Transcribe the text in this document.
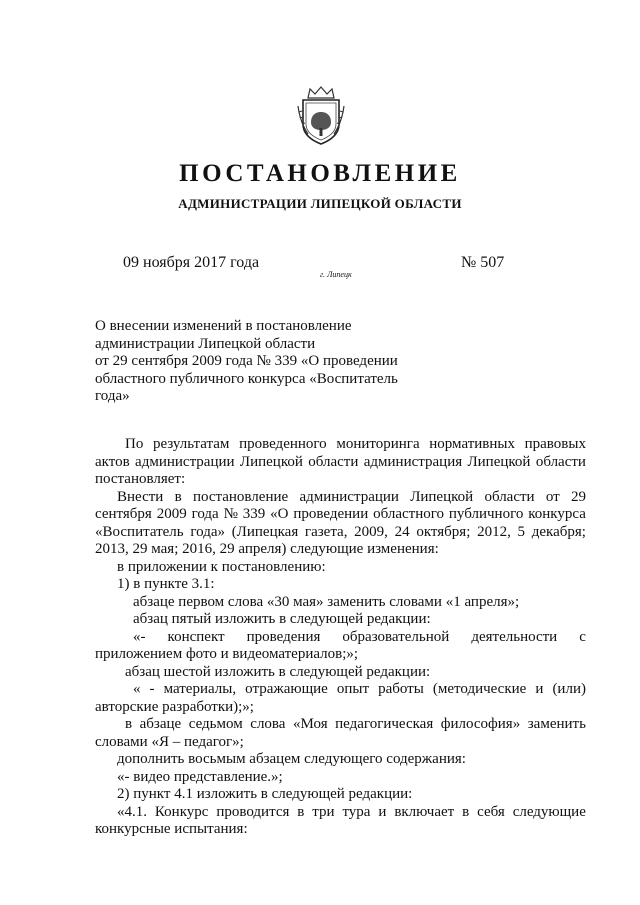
ПОСТАНОВЛЕНИЕ
АДМИНИСТРАЦИИ ЛИПЕЦКОЙ ОБЛАСТИ
09 ноября 2017 года
г. Липецк
№ 507
О внесении изменений в постановление
администрации Липецкой области
от 29 сентября 2009 года № 339 «О проведении
областного публичного конкурса «Воспитатель
года»
По результатам проведенного мониторинга нормативных правовых
актов администрации Липецкой области администрация Липецкой области
постановляет:
Внести в постановление администрации Липецкой области от 29
сентября 2009 года № 339 «О проведении областного публичного конкурса
«Воспитатель года» (Липецкая газета, 2009, 24 октября; 2012, 5 декабря;
2013, 29 мая; 2016, 29 апреля) следующие изменения:
в приложении к постановлению:
1) в пункте 3.1:
абзаце первом слова «30 мая» заменить словами «1 апреля»;
абзац пятый изложить в следующей редакции:
«- конспект проведения образовательной деятельности с
приложением фото и видеоматериалов;»;
абзац шестой изложить в следующей редакции:
« - материалы, отражающие опыт работы (методические и (или)
авторские разработки);»;
в абзаце седьмом слова «Моя педагогическая философия» заменить
словами «Я – педагог»;
дополнить восьмым абзацем следующего содержания:
«- видео представление.»;
2) пункт 4.1 изложить в следующей редакции:
«4.1. Конкурс проводится в три тура и включает в себя следующие
конкурсные испытания:
